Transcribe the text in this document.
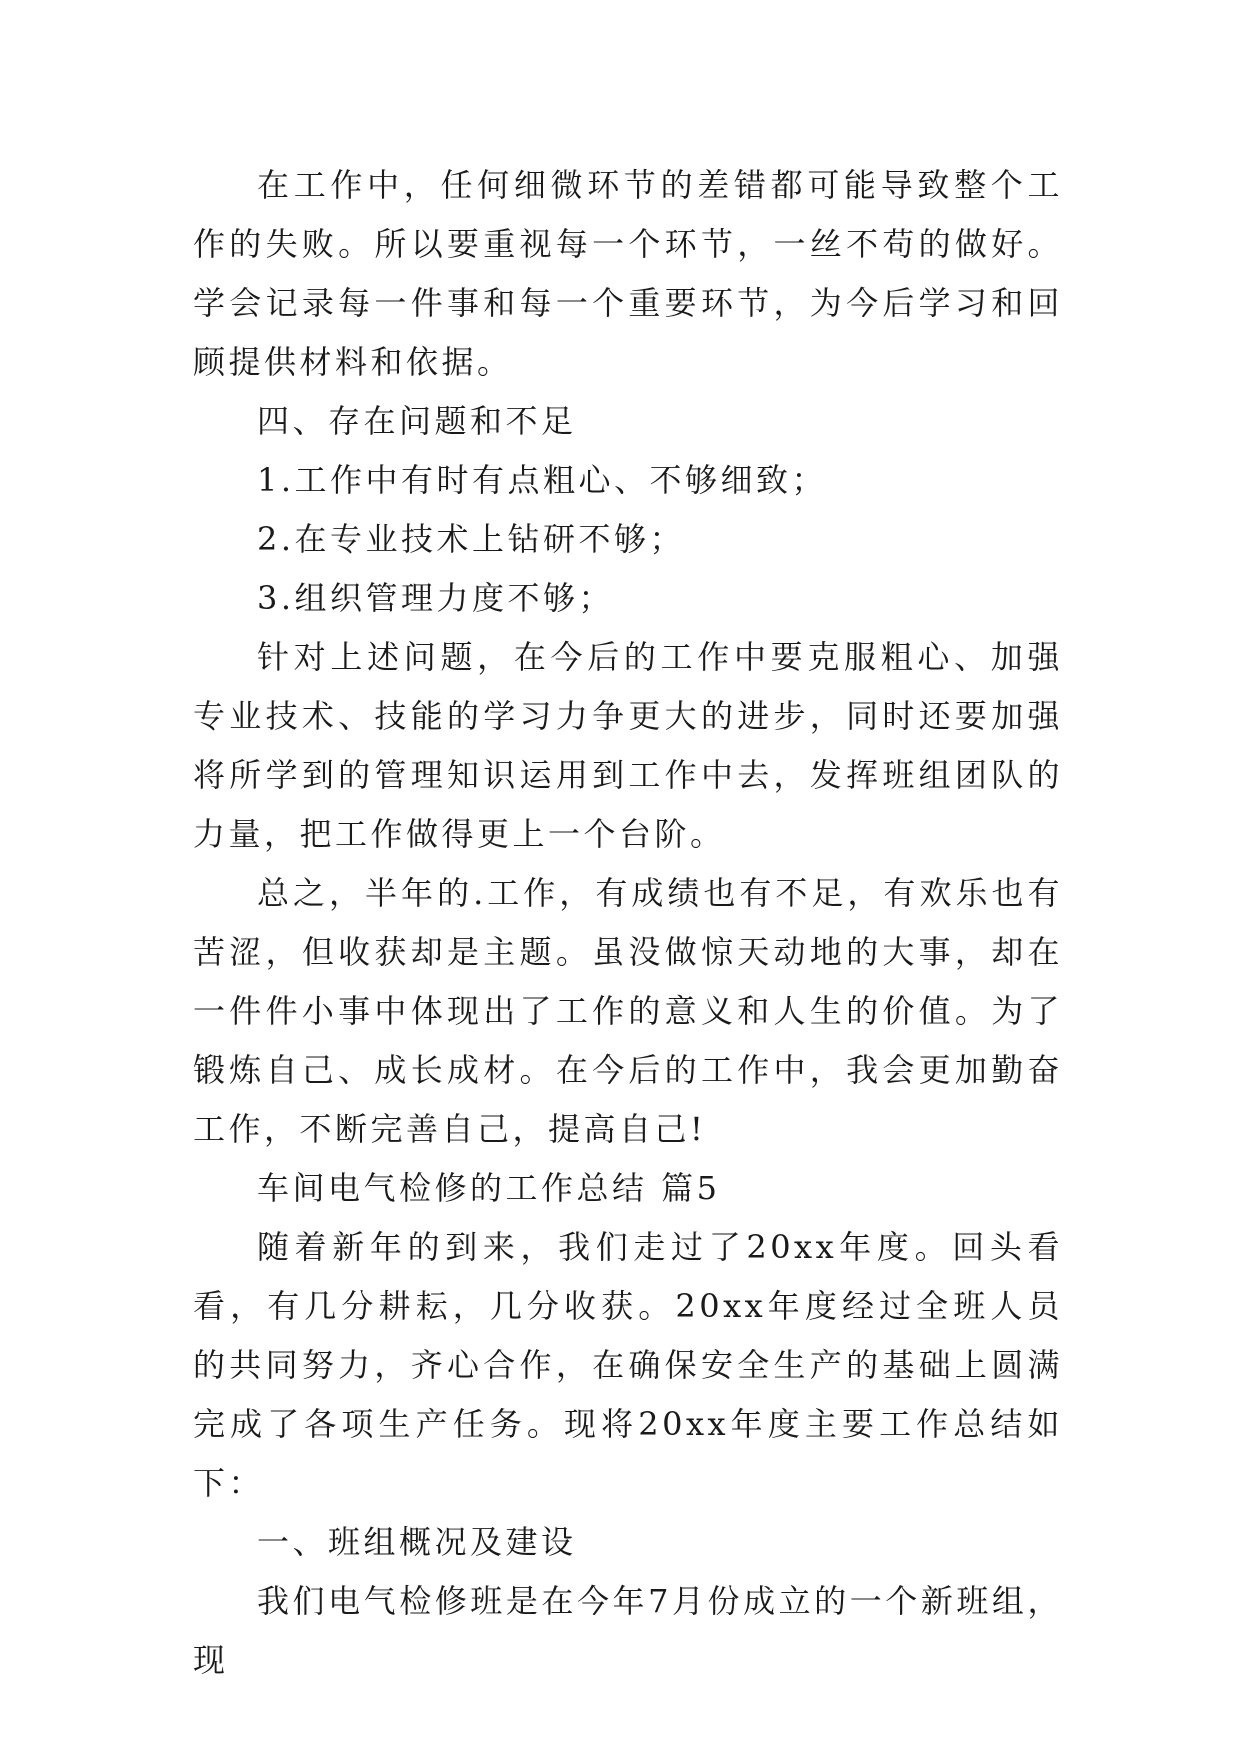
在工作中，任何细微环节的差错都可能导致整个工作的失败。所以要重视每一个环节，一丝不苟的做好。学会记录每一件事和每一个重要环节，为今后学习和回顾提供材料和依据。

四、存在问题和不足

1.工作中有时有点粗心、不够细致；

2.在专业技术上钻研不够；

3.组织管理力度不够；

针对上述问题，在今后的工作中要克服粗心、加强专业技术、技能的学习力争更大的进步，同时还要加强将所学到的管理知识运用到工作中去，发挥班组团队的力量，把工作做得更上一个台阶。

总之，半年的.工作，有成绩也有不足，有欢乐也有苦涩，但收获却是主题。虽没做惊天动地的大事，却在一件件小事中体现出了工作的意义和人生的价值。为了锻炼自己、成长成材。在今后的工作中，我会更加勤奋工作，不断完善自己，提高自己!

车间电气检修的工作总结 篇5

随着新年的到来，我们走过了20xx年度。回头看看，有几分耕耘，几分收获。20xx年度经过全班人员的共同努力，齐心合作，在确保安全生产的基础上圆满完成了各项生产任务。现将20xx年度主要工作总结如下：

一、班组概况及建设

我们电气检修班是在今年7月份成立的一个新班组，现
